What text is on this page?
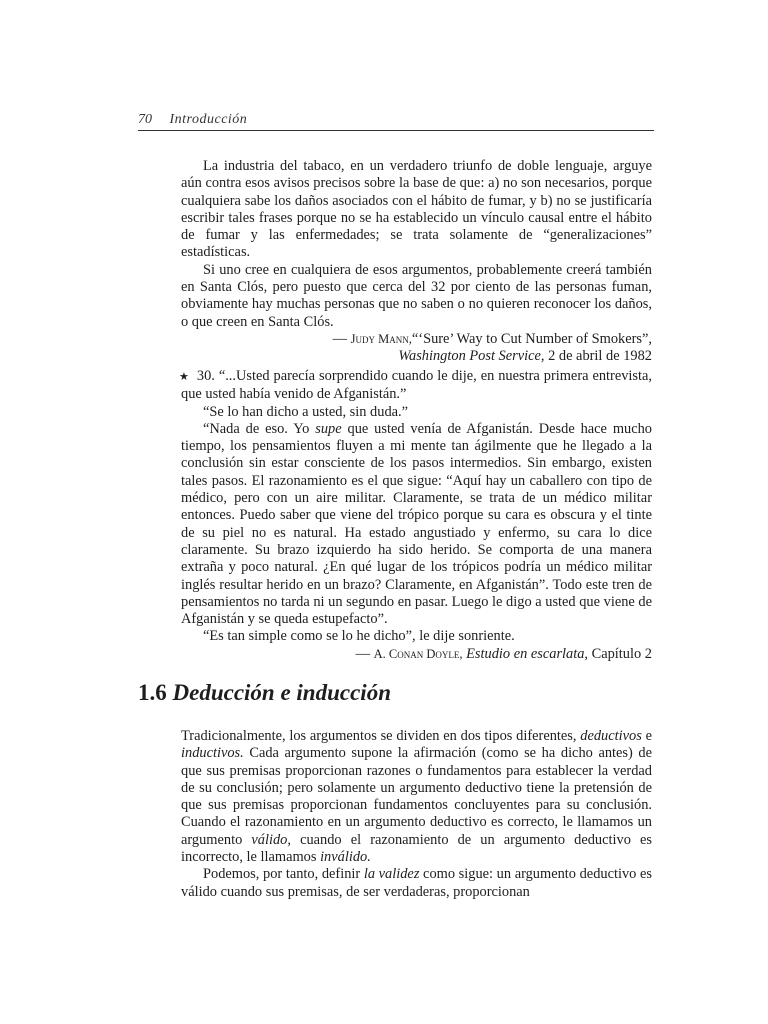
70 Introducción

La industria del tabaco, en un verdadero triunfo de doble lenguaje, arguye aún contra esos avisos precisos sobre la base de que: a) no son necesarios, porque cualquiera sabe los daños asociados con el hábito de fumar, y b) no se justificaría escribir tales frases porque no se ha establecido un vínculo causal entre el hábito de fumar y las enfermedades; se trata solamente de “generalizaciones” estadísticas.

Si uno cree en cualquiera de esos argumentos, probablemente creerá también en Santa Clós, pero puesto que cerca del 32 por ciento de las personas fuman, obviamente hay muchas personas que no saben o no quieren reconocer los daños, o que creen en Santa Clós.

— Judy Mann,“‘Sure’ Way to Cut Number of Smokers”,

Washington Post Service, 2 de abril de 1982

★ 30. “...Usted parecía sorprendido cuando le dije, en nuestra primera entrevista, que usted había venido de Afganistán.”

“Se lo han dicho a usted, sin duda.”

“Nada de eso. Yo supe que usted venía de Afganistán. Desde hace mucho tiempo, los pensamientos fluyen a mi mente tan ágilmente que he llegado a la conclusión sin estar consciente de los pasos intermedios. Sin embargo, existen tales pasos. El razonamiento es el que sigue: “Aquí hay un caballero con tipo de médico, pero con un aire militar. Claramente, se trata de un médico militar entonces. Puedo saber que viene del trópico porque su cara es obscura y el tinte de su piel no es natural. Ha estado angustiado y enfermo, su cara lo dice claramente. Su brazo izquierdo ha sido herido. Se comporta de una manera extraña y poco natural. ¿En qué lugar de los trópicos podría un médico militar inglés resultar herido en un brazo? Claramente, en Afganistán”. Todo este tren de pensamientos no tarda ni un segundo en pasar. Luego le digo a usted que viene de Afganistán y se queda estupefacto”.

“Es tan simple como se lo he dicho”, le dije sonriente.

— A. Conan Doyle, Estudio en escarlata, Capítulo 2

1.6 Deducción e inducción

Tradicionalmente, los argumentos se dividen en dos tipos diferentes, deductivos e inductivos. Cada argumento supone la afirmación (como se ha dicho antes) de que sus premisas proporcionan razones o fundamentos para establecer la verdad de su conclusión; pero solamente un argumento deductivo tiene la pretensión de que sus premisas proporcionan fundamentos concluyentes para su conclusión. Cuando el razonamiento en un argumento deductivo es correcto, le llamamos un argumento válido, cuando el razonamiento de un argumento deductivo es incorrecto, le llamamos inválido.

Podemos, por tanto, definir la validez como sigue: un argumento deductivo es válido cuando sus premisas, de ser verdaderas, proporcionan
